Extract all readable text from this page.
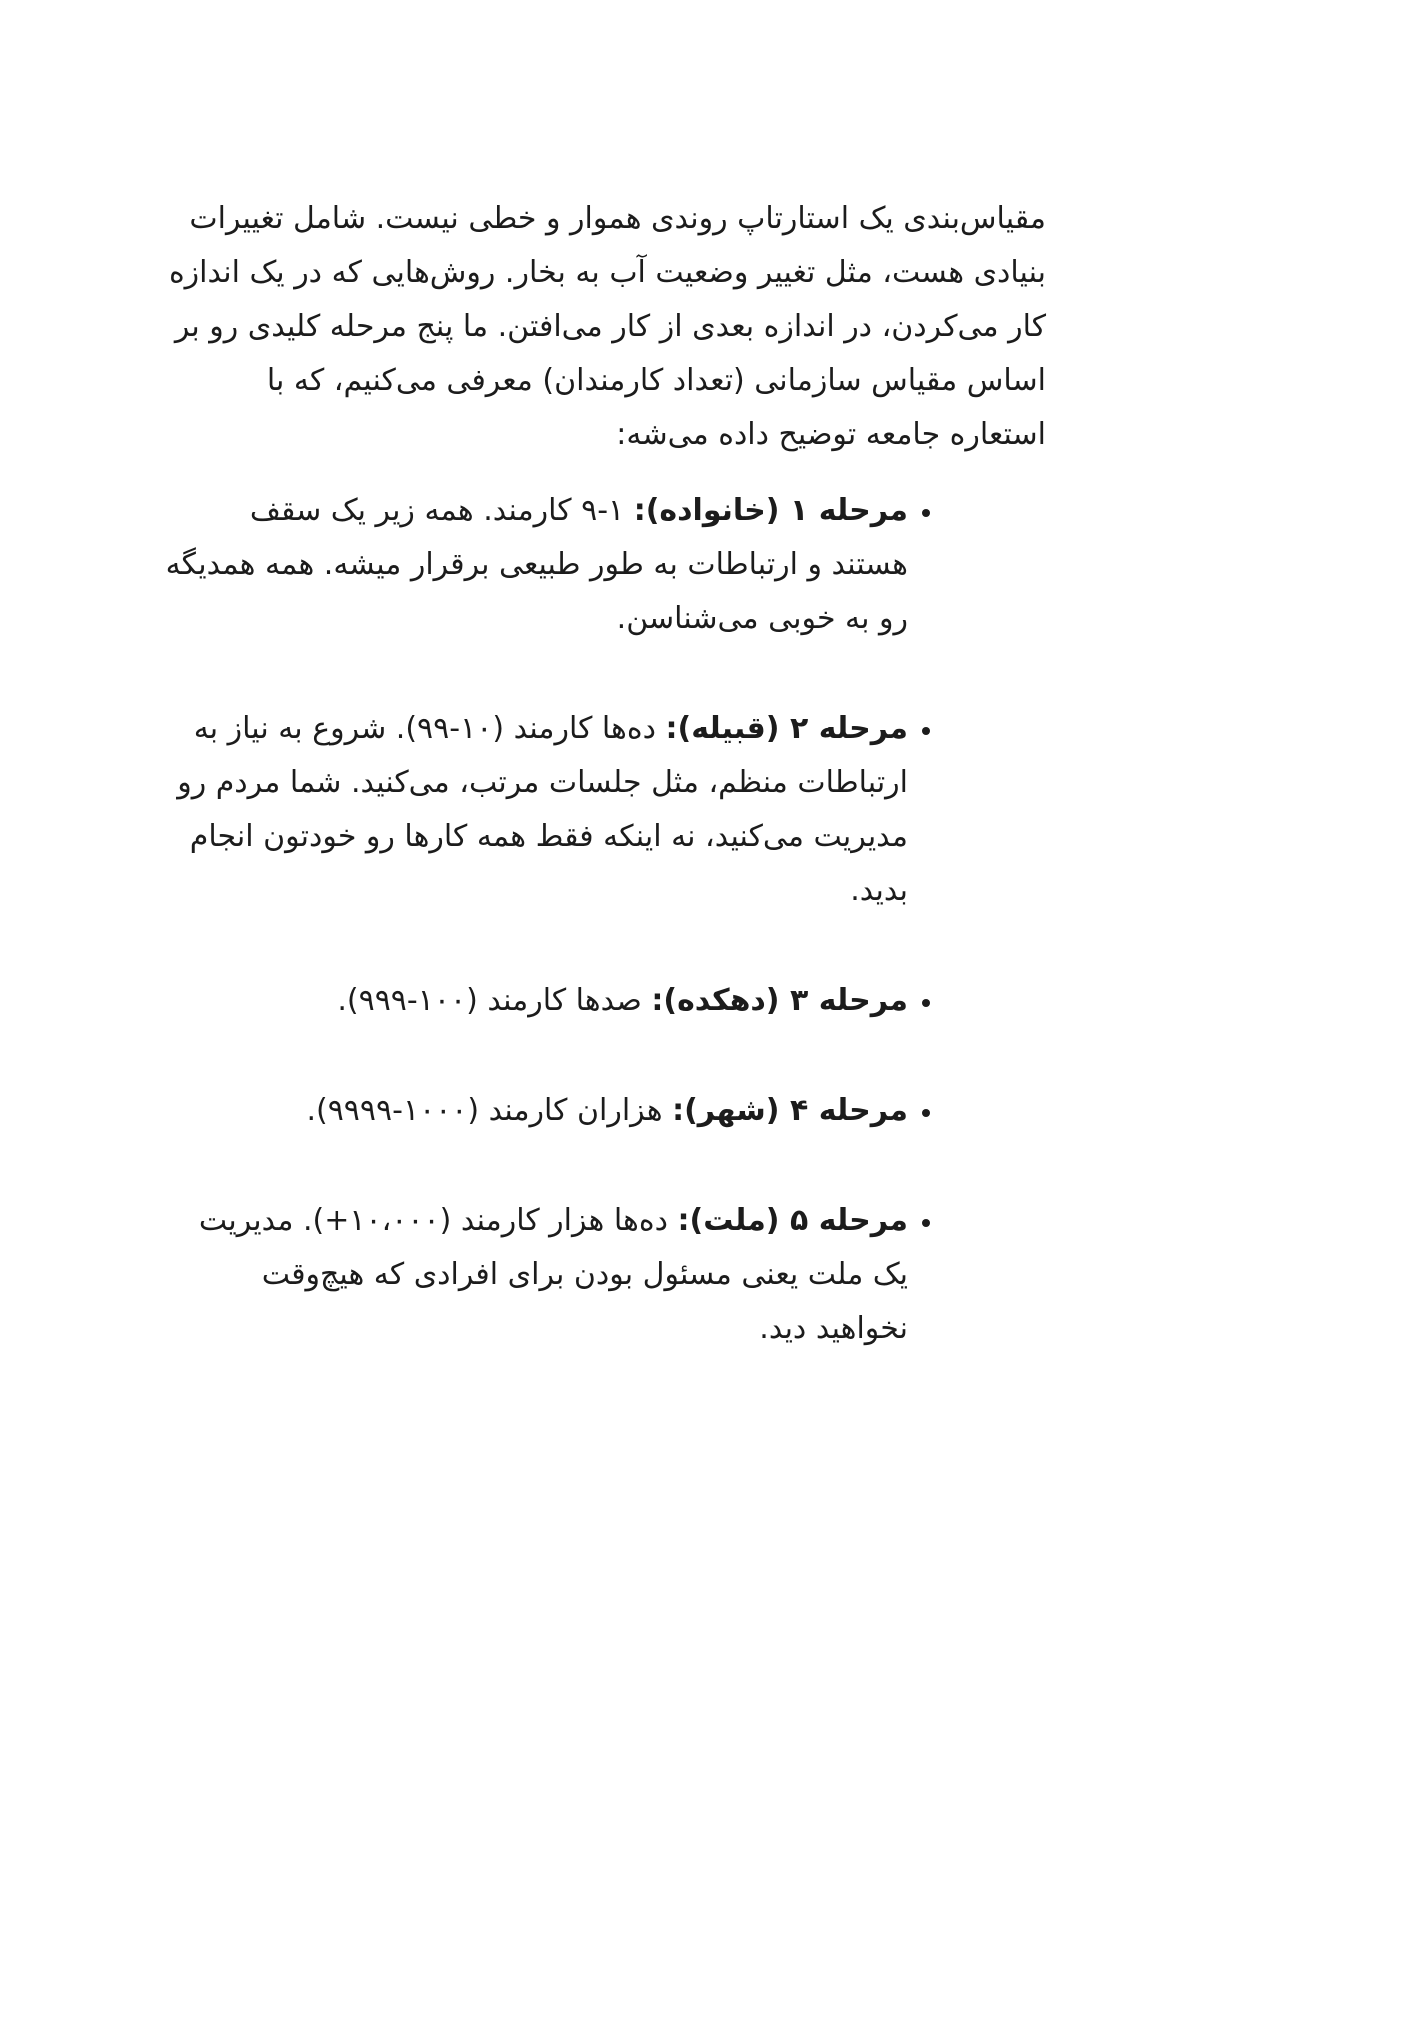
مقیاس‌بندی یک استارتاپ روندی هموار و خطی نیست. شامل تغییرات بنیادی هست، مثل تغییر وضعیت آب به بخار. روش‌هایی که در یک اندازه کار می‌کردن، در اندازه بعدی از کار می‌افتن. ما پنج مرحله کلیدی رو بر اساس مقیاس سازمانی (تعداد کارمندان) معرفی می‌کنیم، که با استعاره جامعه توضیح داده می‌شه:

• مرحله ۱ (خانواده): ۱-۹ کارمند. همه زیر یک سقف هستند و ارتباطات به طور طبیعی برقرار میشه. همه همدیگه رو به خوبی می‌شناسن.
• مرحله ۲ (قبیله): ده‌ها کارمند (۱۰-۹۹). شروع به نیاز به ارتباطات منظم، مثل جلسات مرتب، می‌کنید. شما مردم رو مدیریت می‌کنید، نه اینکه فقط همه کارها رو خودتون انجام بدید.
• مرحله ۳ (دهکده): صدها کارمند (۱۰۰-۹۹۹).
• مرحله ۴ (شهر): هزاران کارمند (۱۰۰۰-۹۹۹۹).
• مرحله ۵ (ملت): ده‌ها هزار کارمند (۱۰،۰۰۰+). مدیریت یک ملت یعنی مسئول بودن برای افرادی که هیچ‌وقت نخواهید دید.
